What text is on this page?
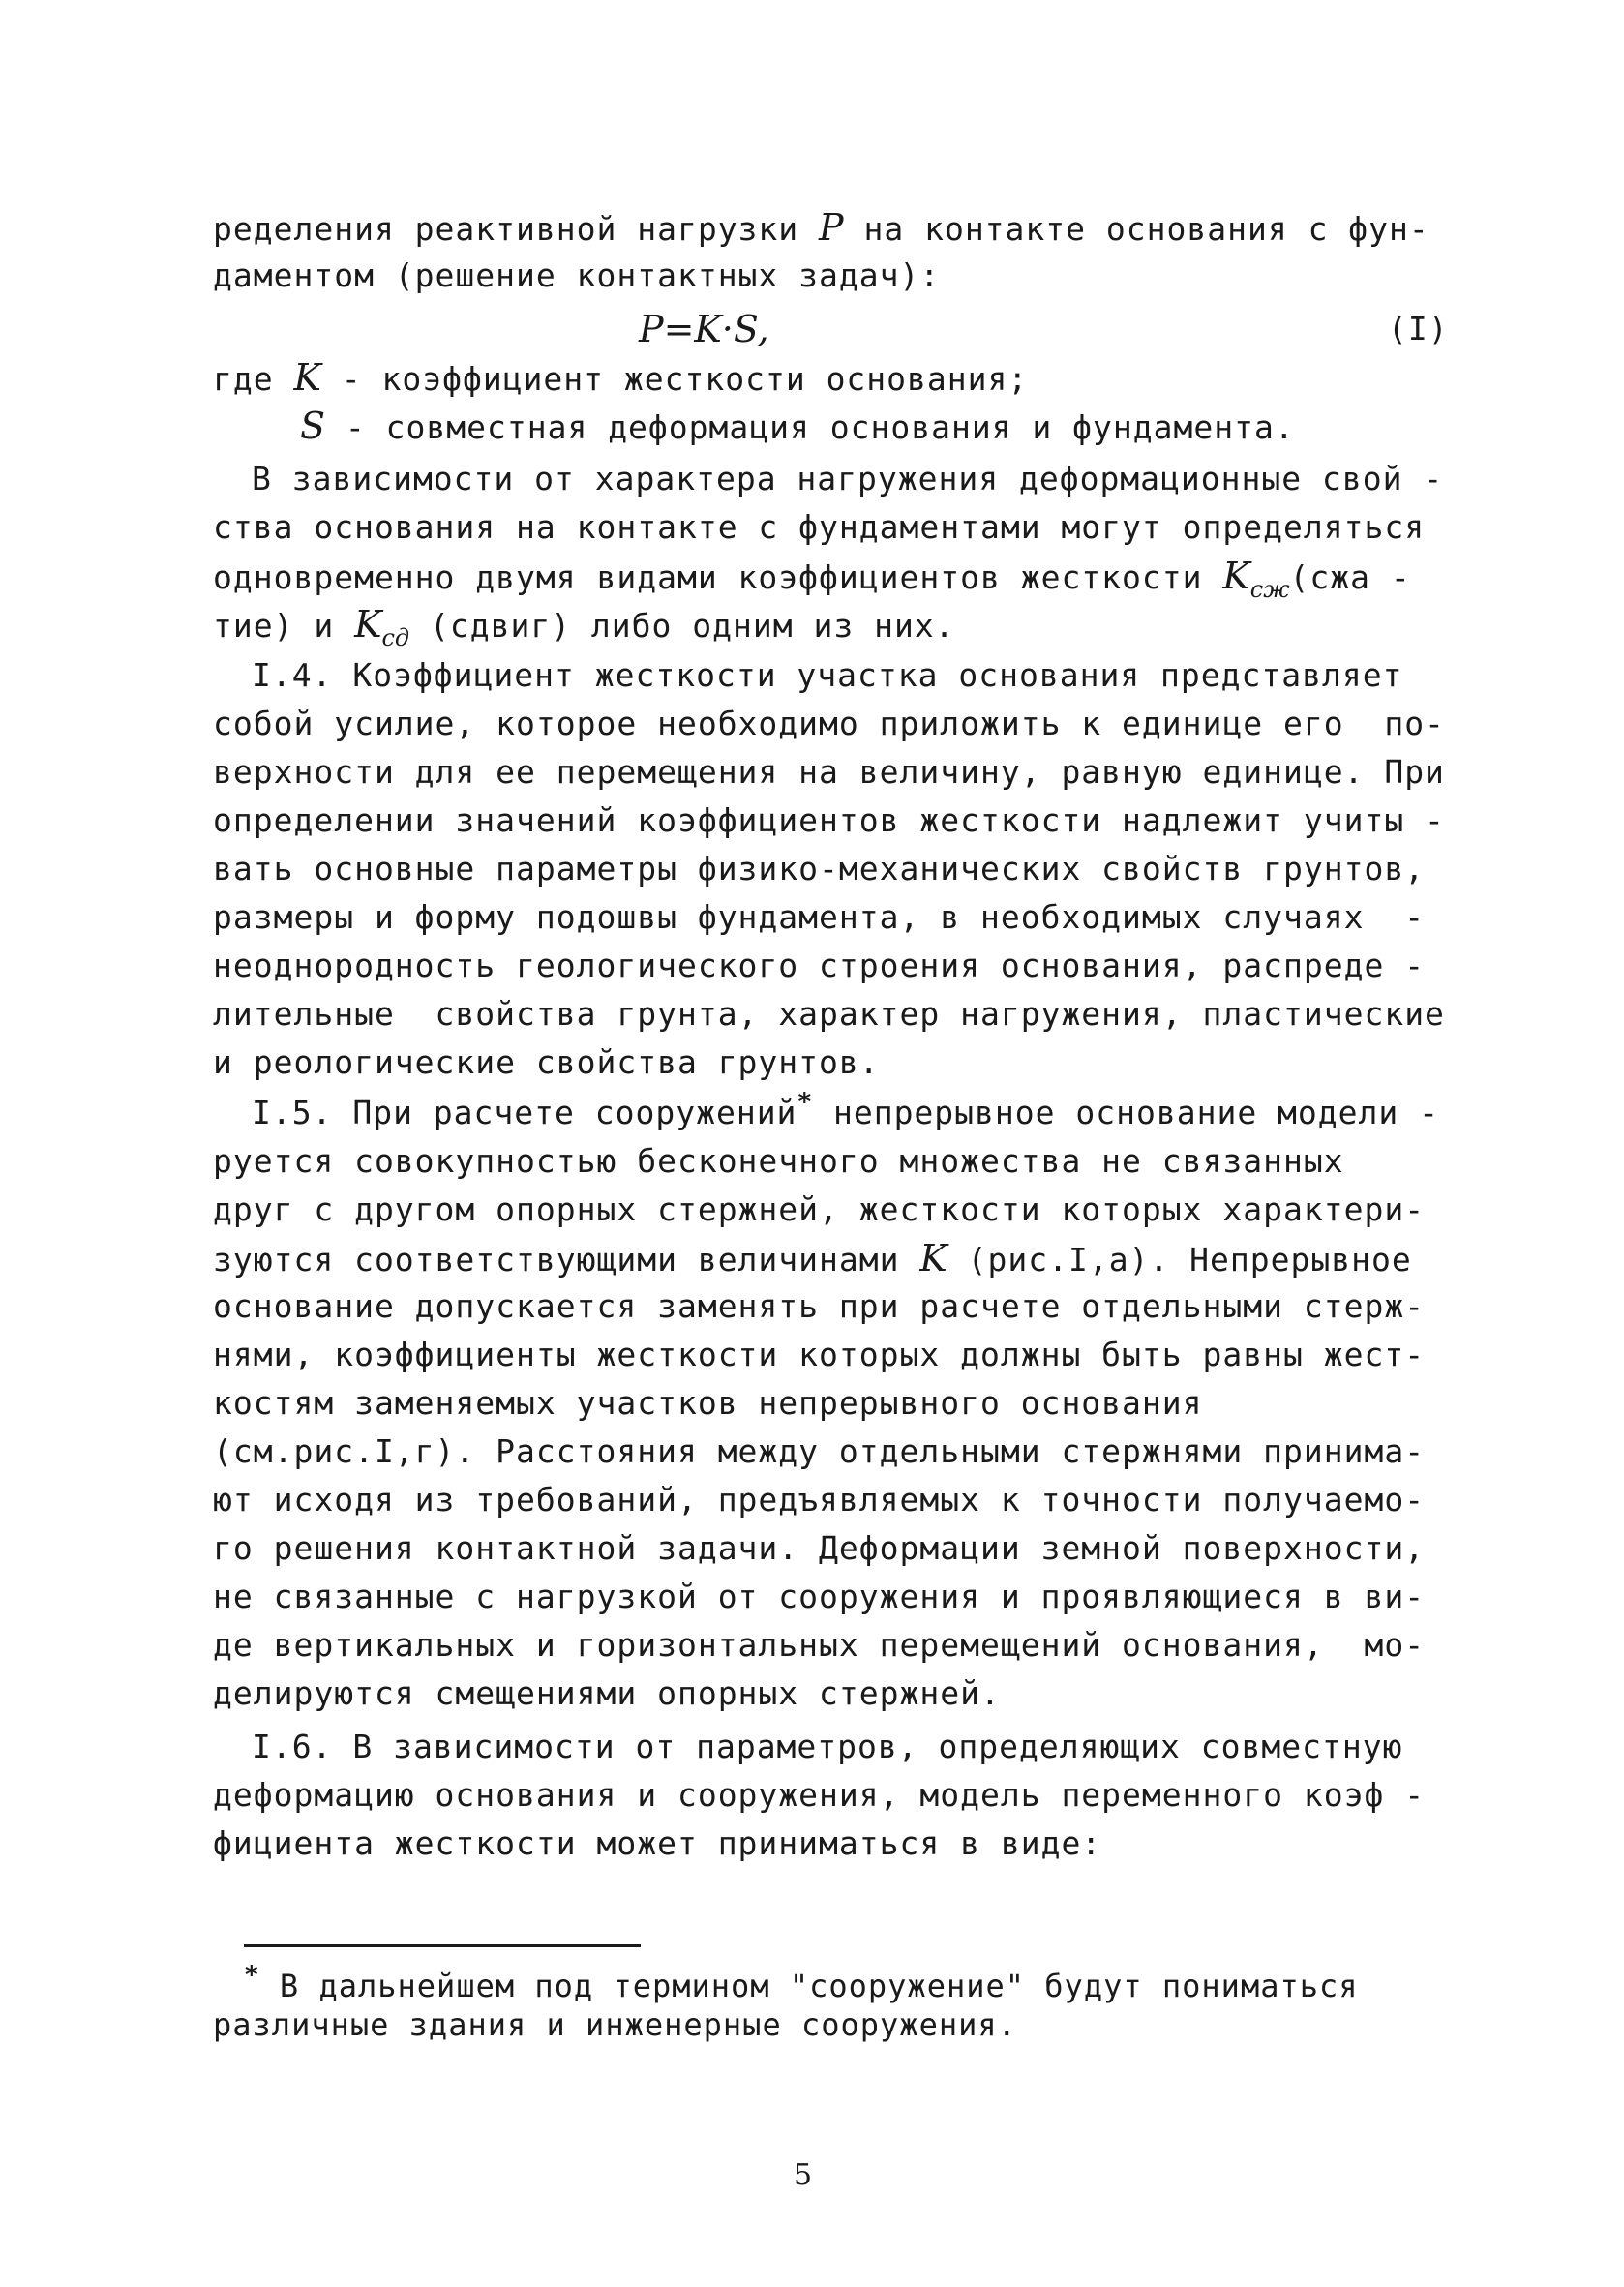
ределения реактивной нагрузки P на контакте основания с фун-
даментом (решение контактных задач):
P=K·S,	(I)
где K - коэффициент жесткости основания;
S - совместная деформация основания и фундамента.
В зависимости от характера нагружения деформационные свой -
ства основания на контакте с фундаментами могут определяться
одновременно двумя видами коэффициентов жесткости $K_{сж}(сжа$ -
тие) и $K_{сд}$ (сдвиг) либо одним из них.
I.4. Коэффициент жесткости участка основания представляет
собой усилие, которое необходимо приложить к единице его  по-
верхности для ее перемещения на величину, равную единице. При
определении значений коэффициентов жесткости надлежит учиты -
вать основные параметры физико-механических свойств грунтов,
размеры и форму подошвы фундамента, в необходимых случаях  -
неоднородность геологического строения основания, распреде -
лительные  свойства грунта, характер нагружения, пластические
и реологические свойства грунтов.
I.5. При расчете сооружений* непрерывное основание модели -
руется совокупностью бесконечного множества не связанных
друг с другом опорных стержней, жесткости которых характери-
зуются соответствующими величинами K (рис.I,а). Непрерывное
основание допускается заменять при расчете отдельными стерж-
нями, коэффициенты жесткости которых должны быть равны жест-
костям заменяемых участков непрерывного основания
(см.рис.I,г). Расстояния между отдельными стержнями принима-
ют исходя из требований, предъявляемых к точности получаемо-
го решения контактной задачи. Деформации земной поверхности,
не связанные с нагрузкой от сооружения и проявляющиеся в ви-
де вертикальных и горизонтальных перемещений основания,  мо-
делируются смещениями опорных стержней.
I.6. В зависимости от параметров, определяющих совместную
деформацию основания и сооружения, модель переменного коэф -
фициента жесткости может приниматься в виде:
* В дальнейшем под термином "сооружение" будут пониматься
различные здания и инженерные сооружения.
5
